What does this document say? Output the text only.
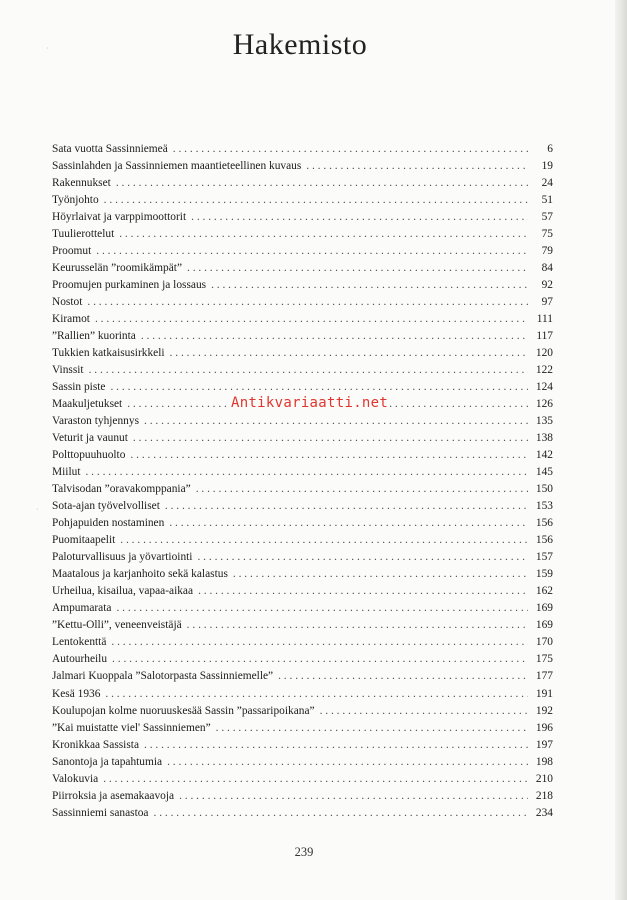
·
·
Hakemisto
Sata vuotta Sassinniemeä . . .	6
Sassinlahden ja Sassinniemen maantieteellinen kuvaus . . .	19
Rakennukset . . .	24
Työnjohto . . .	51
Höyrlaivat ja varppimoottorit . . .	57
Tuulierottelut . . .	75
Proomut . . .	79
Keurusselän ”roomikämpät” . . .	84
Proomujen purkaminen ja lossaus . . .	92
Nostot . . .	97
Kiramot . . .	111
”Rallien” kuorinta . . .	117
Tukkien katkaisusirkkeli . . .	120
Vinssit . . .	122
Sassin piste . . .	124
Maakuljetukset . . .	126
Varaston tyhjennys . . .	135
Veturit ja vaunut . . .	138
Polttopuuhuolto . . .	142
Miilut . . .	145
Talvisodan ”oravakomppania” . . .	150
Sota-ajan työvelvolliset . . .	153
Pohjapuiden nostaminen . . .	156
Puomitaapelit . . .	156
Paloturvallisuus ja yövartiointi . . .	157
Maatalous ja karjanhoito sekä kalastus . . .	159
Urheilua, kisailua, vapaa-aikaa . . .	162
Ampumarata . . .	169
”Kettu-Olli”, veneenveistäjä . . .	169
Lentokenttä . . .	170
Autourheilu . . .	175
Jalmari Kuoppala ”Salotorpasta Sassinniemelle” . . .	177
Kesä 1936 . . .	191
Koulupojan kolme nuoruuskesää Sassin ”passaripoikana” . . .	192
”Kai muistatte viel' Sassinniemen” . . .	196
Kronikkaa Sassista . . .	197
Sanontoja ja tapahtumia . . .	198
Valokuvia . . .	210
Piirroksia ja asemakaavoja . . .	218
Sassinniemi sanastoa . . .	234
Antikvariaatti.net
239
